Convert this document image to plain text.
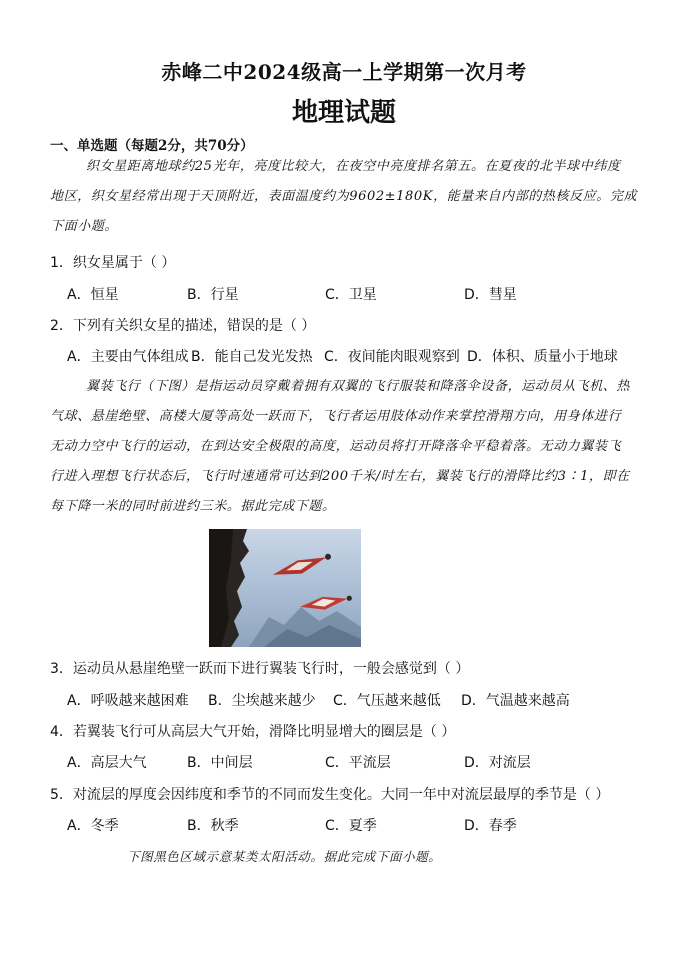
赤峰二中2024级高一上学期第一次月考
地理试题
一、单选题（每题2分，共70分）

织女星距离地球约25光年，亮度比较大，在夜空中亮度排名第五。在夏夜的北半球中纬度

地区，织女星经常出现于天顶附近，表面温度约为9602±180K，能量来自内部的热核反应。完成

下面小题。

1．织女星属于（ ）
A．恒星	B．行星	C．卫星	D．彗星
2．下列有关织女星的描述，错误的是（ ）
A．主要由气体组成 B．能自己发光发热 C．夜间能肉眼观察到 D．体积、质量小于地球

翼装飞行（下图）是指运动员穿戴着拥有双翼的飞行服装和降落伞设备，运动员从飞机、热

气球、悬崖绝壁、高楼大厦等高处一跃而下，飞行者运用肢体动作来掌控滑翔方向，用身体进行

无动力空中飞行的运动，在到达安全极限的高度，运动员将打开降落伞平稳着落。无动力翼装飞

行进入理想飞行状态后，飞行时速通常可达到200千米/时左右，翼装飞行的滑降比约3∶1，即在

每下降一米的同时前进约三米。据此完成下题。

3．运动员从悬崖绝壁一跃而下进行翼装飞行时，一般会感觉到（ ）
A．呼吸越来越困难 B．尘埃越来越少 C．气压越来越低 D．气温越来越高
4．若翼装飞行可从高层大气开始，滑降比明显增大的圈层是（ ）
A．高层大气	B．中间层	C．平流层	D．对流层
5．对流层的厚度会因纬度和季节的不同而发生变化。大同一年中对流层最厚的季节是（ ）
A．冬季	B．秋季	C．夏季	D．春季
下图黑色区域示意某类太阳活动。据此完成下面小题。
